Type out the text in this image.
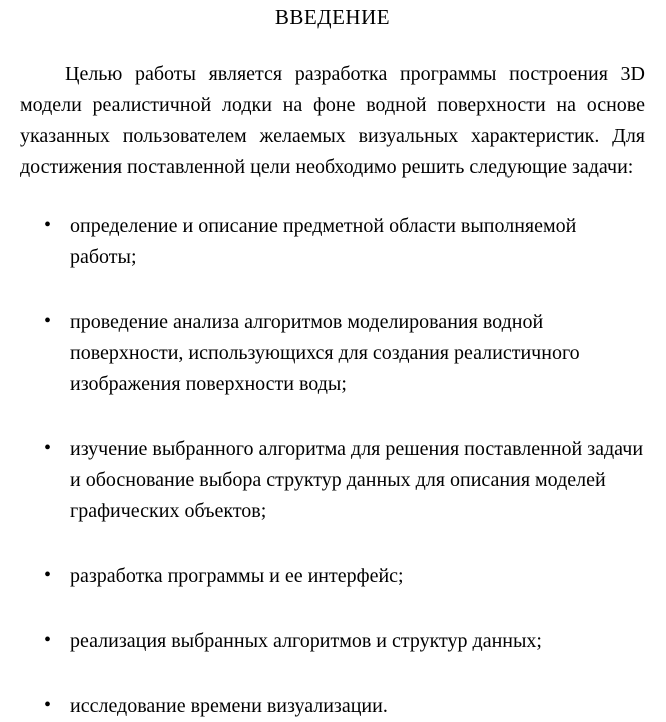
ВВЕДЕНИЕ

Целью работы является разработка программы построения 3D модели реалистичной лодки на фоне водной поверхности на основе указанных пользователем желаемых визуальных характеристик. Для достижения поставленной цели необходимо решить следующие задачи:

• определение и описание предметной области выполняемой работы;
• проведение анализа алгоритмов моделирования водной поверхности, использующихся для создания реалистичного изображения поверхности воды;
• изучение выбранного алгоритма для решения поставленной задачи и обоснование выбора структур данных для описания моделей графических объектов;
• разработка программы и ее интерфейс;
• реализация выбранных алгоритмов и структур данных;
• исследование времени визуализации.
